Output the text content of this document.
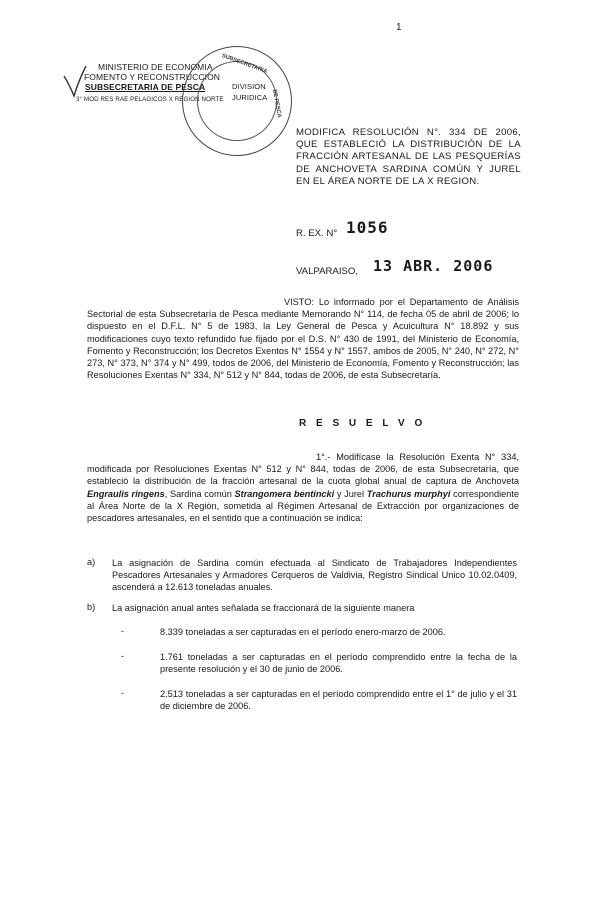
1
MINISTERIO DE ECONOMIA
FOMENTO Y RECONSTRUCCION
SUBSECRETARIA DE PESCA
3° MOD RES RAE PELAGICOS X REGION NORTE
DIVISION
JURIDICA
SUBSECRETARIA
DE PESCA
MODIFICA RESOLUCIÓN N°. 334 DE 2006, QUE ESTABLECIÓ LA DISTRIBUCIÓN DE LA FRACCIÓN ARTESANAL DE LAS PESQUERÍAS DE ANCHOVETA SARDINA COMÚN Y JUREL EN EL ÁREA NORTE DE LA X REGION.
R. EX. N° 1056
VALPARAISO, 13 ABR. 2006
VISTO: Lo informado por el Departamento de Análisis Sectorial de esta Subsecretaría de Pesca mediante Memorando N° 114, de fecha 05 de abril de 2006; lo dispuesto en el D.F.L. N° 5 de 1983, la Ley General de Pesca y Acuicultura N° 18.892 y sus modificaciones cuyo texto refundido fue fijado por el D.S. N° 430 de 1991, del Ministerio de Economía, Fomento y Reconstrucción; los Decretos Exentos N° 1554 y N° 1557, ambos de 2005, N° 240, N° 272, N° 273, N° 373, N° 374 y N° 499, todos de 2006, del Ministerio de Economía, Fomento y Reconstrucción; las Resoluciones Exentas N° 334, N° 512 y N° 844, todas de 2006, de esta Subsecretaría.
R E S U E L V O
1°.- Modifícase la Resolución Exenta N° 334, modificada por Resoluciones Exentas N° 512 y N° 844, todas de 2006, de esta Subsecretaría, que estableció la distribución de la fracción artesanal de la cuota global anual de captura de Anchoveta Engraulis ringens, Sardina común Strangomera bentincki y Jurel Trachurus murphyi correspondiente al Área Norte de la X Región, sometida al Régimen Artesanal de Extracción por organizaciones de pescadores artesanales, en el sentido que a continuación se indica:
a) La asignación de Sardina común efectuada al Sindicato de Trabajadores Independientes Pescadores Artesanales y Armadores Cerqueros de Valdivia, Registro Sindical Unico 10.02.0409, ascenderá a 12.613 toneladas anuales.
b) La asignación anual antes señalada se fraccionará de la siguiente manera
-	8.339 toneladas a ser capturadas en el período enero-marzo de 2006.
-	1.761 toneladas a ser capturadas en el período comprendido entre la fecha de la presente resolución y el 30 de junio de 2006.
-	2.513 toneladas a ser capturadas en el período comprendido entre el 1° de julio y el 31 de diciembre de 2006.
